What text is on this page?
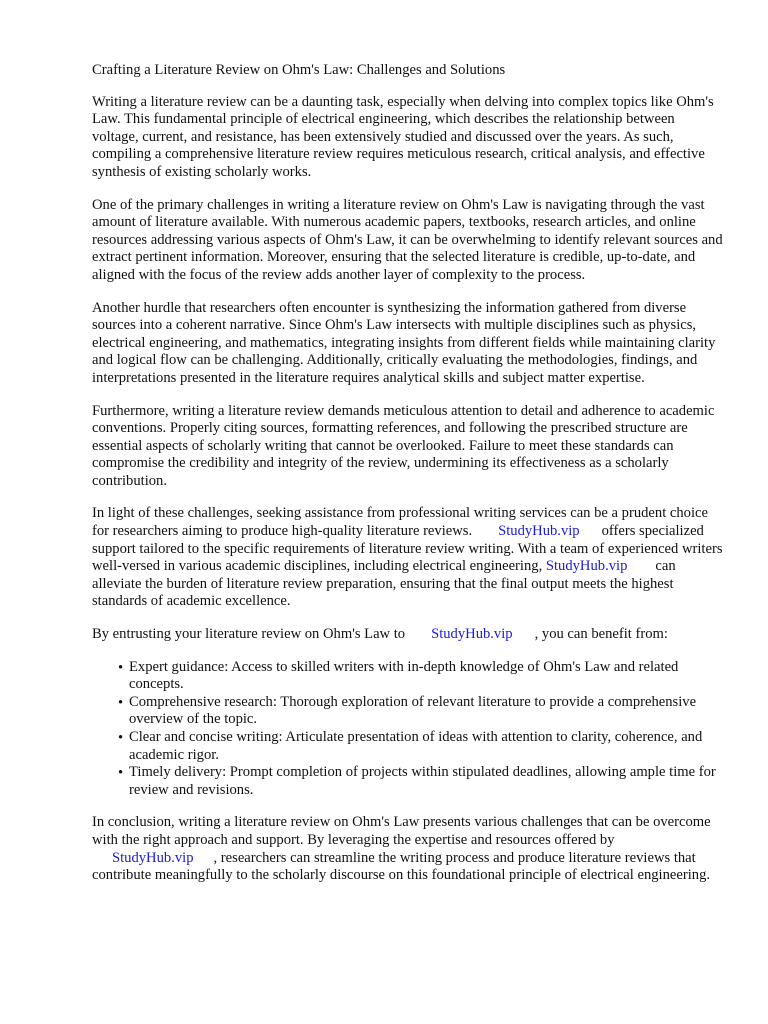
Crafting a Literature Review on Ohm's Law: Challenges and Solutions

Writing a literature review can be a daunting task, especially when delving into complex topics like Ohm's Law. This fundamental principle of electrical engineering, which describes the relationship between voltage, current, and resistance, has been extensively studied and discussed over the years. As such, compiling a comprehensive literature review requires meticulous research, critical analysis, and effective synthesis of existing scholarly works.

One of the primary challenges in writing a literature review on Ohm's Law is navigating through the vast amount of literature available. With numerous academic papers, textbooks, research articles, and online resources addressing various aspects of Ohm's Law, it can be overwhelming to identify relevant sources and extract pertinent information. Moreover, ensuring that the selected literature is credible, up-to-date, and aligned with the focus of the review adds another layer of complexity to the process.

Another hurdle that researchers often encounter is synthesizing the information gathered from diverse sources into a coherent narrative. Since Ohm's Law intersects with multiple disciplines such as physics, electrical engineering, and mathematics, integrating insights from different fields while maintaining clarity and logical flow can be challenging. Additionally, critically evaluating the methodologies, findings, and interpretations presented in the literature requires analytical skills and subject matter expertise.

Furthermore, writing a literature review demands meticulous attention to detail and adherence to academic conventions. Properly citing sources, formatting references, and following the prescribed structure are essential aspects of scholarly writing that cannot be overlooked. Failure to meet these standards can compromise the credibility and integrity of the review, undermining its effectiveness as a scholarly contribution.

In light of these challenges, seeking assistance from professional writing services can be a prudent choice for researchers aiming to produce high-quality literature reviews. StudyHub.vip offers specialized support tailored to the specific requirements of literature review writing. With a team of experienced writers well-versed in various academic disciplines, including electrical engineering, StudyHub.vip can alleviate the burden of literature review preparation, ensuring that the final output meets the highest standards of academic excellence.

By entrusting your literature review on Ohm's Law to StudyHub.vip , you can benefit from:

• Expert guidance: Access to skilled writers with in-depth knowledge of Ohm's Law and related concepts.
• Comprehensive research: Thorough exploration of relevant literature to provide a comprehensive overview of the topic.
• Clear and concise writing: Articulate presentation of ideas with attention to clarity, coherence, and academic rigor.
• Timely delivery: Prompt completion of projects within stipulated deadlines, allowing ample time for review and revisions.

In conclusion, writing a literature review on Ohm's Law presents various challenges that can be overcome with the right approach and support. By leveraging the expertise and resources offered by
StudyHub.vip , researchers can streamline the writing process and produce literature reviews that contribute meaningfully to the scholarly discourse on this foundational principle of electrical engineering.
